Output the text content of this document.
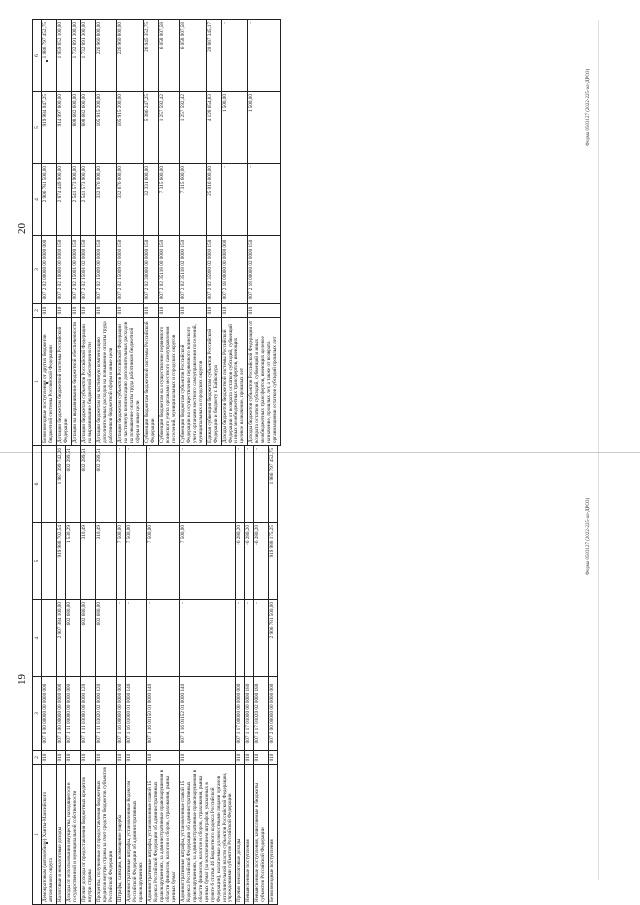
20
1	2	3	4	5	6
Безвозмездные поступления от других бюджетов бюджетной системы Российской Федерации	010	007 2 02 00000 00 0000 000	2 906 781 500,00	919 984 047,25	1 986 797 452,75
Дотации бюджетам бюджетной системы Российской Федерации	010	007 2 02 10000 00 0000 150	2 874 449 900,00	914 997 800,00	1 959 852 100,00
Дотации на выравнивание бюджетной обеспеченности	010	007 2 02 15001 00 0000 150	2 541 573 900,00	808 682 600,00	1 732 891 300,00
Дотации бюджетам субъектов Российской Федерации на выравнивание бюджетной обеспеченности	010	007 2 02 15001 02 0000 150	2 541 573 900,00	808 682 600,00	1 732 891 300,00
Дотации бюджетам на частичную компенсацию дополнительных расходов на повышение оплаты труда работников бюджетной сферы и иные цели	010	007 2 02 15009 00 0000 150	332 876 000,00	105 915 200,00	226 960 800,00
Дотации бюджетам субъектов Российской Федерации на частичную компенсацию дополнительных расходов на повышение оплаты труда работников бюджетной сферы и иные цели	010	007 2 02 15009 02 0000 150	332 876 000,00	105 915 200,00	226 960 800,00
Субвенции бюджетам бюджетной системы Российской Федерации	010	007 2 02 30000 00 0000 150	32 331 600,00	5 386 247,25	26 945 352,75
Субвенции бюджетам на осуществление первичного воинского учета органами местного самоуправления поселений, муниципальных и городских округов	010	007 2 02 35118 00 0000 150	7 315 600,00	1 257 592,42	6 058 007,58
Субвенции бюджетам субъектов Российской Федерации на осуществление первичного воинского учета органами местного самоуправления поселений, муниципальных и городских округов	010	007 2 02 35118 02 0000 150	7 315 600,00	1 257 592,42	6 058 007,58
Единая субвенция бюджетам субъектов Российской Федерации и бюджету г. Байконура	010	007 2 02 35900 02 0000 150	25 016 000,00	4 128 654,83	20 887 345,17
Доходы бюджетов бюджетной системы Российской Федерации от возврата остатков субсидий, субвенций и иных межбюджетных трансфертов, имеющих целевое назначение, прошлых лет	010	007 2 18 00000 00 0000 000	-	1 500,00	-
Доходы бюджетов субъектов Российской Федерации от возврата остатков субсидий, субвенций и иных межбюджетных трансфертов, имеющих целевое назначение, прошлых лет, а также от возврата организациями остатков субсидий прошлых лет	010	007 2 18 00000 02 0000 150	-	1 500,00	-
Форма 0503127 (2022-225-ал-ДРО3)
19
1	2	3	4	5	6
Демократовым (автомобиле) Ханты-Мансийского автономного округа	010	007 0 00 00000 00 0000 000			
Налоговые и неналоговые доходы	010	007 1 00 00000 00 0000 000	2 907 384 100,00	919 988 702,54	1 987 399 742,26
Доходы от использования имущества, находящегося в государственной и муниципальной собственности	010	007 1 11 00000 00 0000 000	602 680,00	1 530,29	602 289,51
Прочие доходы от предоставления бюджетных кредитов внутри страны	010	007 1 11 03000 00 0000 120	602 680,00	310,49	602 289,51
Проценты, полученные от предоставления бюджетных кредитов внутри страны за счет средств бюджетов субъектов Российской Федерации	010	007 1 11 03020 02 0000 120	602 680,00	310,49	602 289,51
Штрафы, санкции, возмещение ущерба	010	007 1 16 00000 00 0000 000	-	7 500,00	-
Административные штрафы, установленные Кодексом Российской Федерации об административных правонарушениях	010	007 1 16 01000 01 0000 140	-	7 500,00	-
Административные штрафы, установленные главой 15 Кодекса Российской Федерации об административных правонарушениях, за административные правонарушения в области финансов, налогов и сборов, страхования, рынка ценных бумаг	010	007 1 16 01150 01 0000 140	-	7 500,00	-
Административные штрафы, установленные главой 15 Кодекса Российской Федерации об административных правонарушениях, за административные правонарушения в области финансов, налогов и сборов, страхования, рынка ценных бумаг (за исключением штрафов, указанных в пункте 6 статьи 46 Бюджетного кодекса Российской Федерации), налагаемые должностными лицами органов исполнительной власти субъектов Российской Федерации, учреждениями субъектов Российской Федерации	010	007 1 16 01152 01 0000 140	-	7 500,00	-
Прочие неналоговые доходы	010	007 1 17 00000 00 0000 000	-	-6 280,20	-
Невыясненные поступления	010	007 1 17 01000 00 0000 180	-	-6 280,20	-
Невыясненные поступления, зачисляемые в бюджеты субъектов Российской Федерации	010	007 1 17 01020 02 0000 180	-	-6 280,20	-
Безвозмездные поступления	010	007 2 00 00000 00 0000 000	2 906 781 500,00	919 988 175,25	1 986 797 452,75
Форма 0503127 (2022-225-ал-ДРО3)
